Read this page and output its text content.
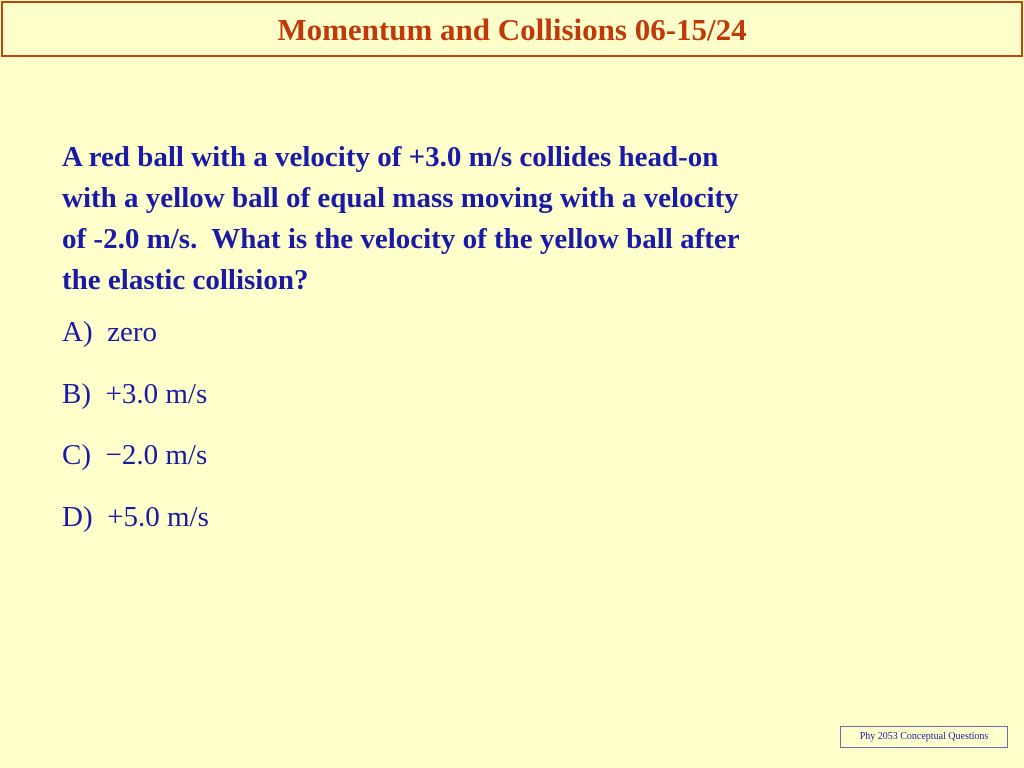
Momentum and Collisions 06-15/24
A red ball with a velocity of +3.0 m/s collides head-on
with a yellow ball of equal mass moving with a velocity
of -2.0 m/s.  What is the velocity of the yellow ball after
the elastic collision?
A)  zero
B)  +3.0 m/s
C)  −2.0 m/s
D)  +5.0 m/s
Phy 2053 Conceptual Questions
